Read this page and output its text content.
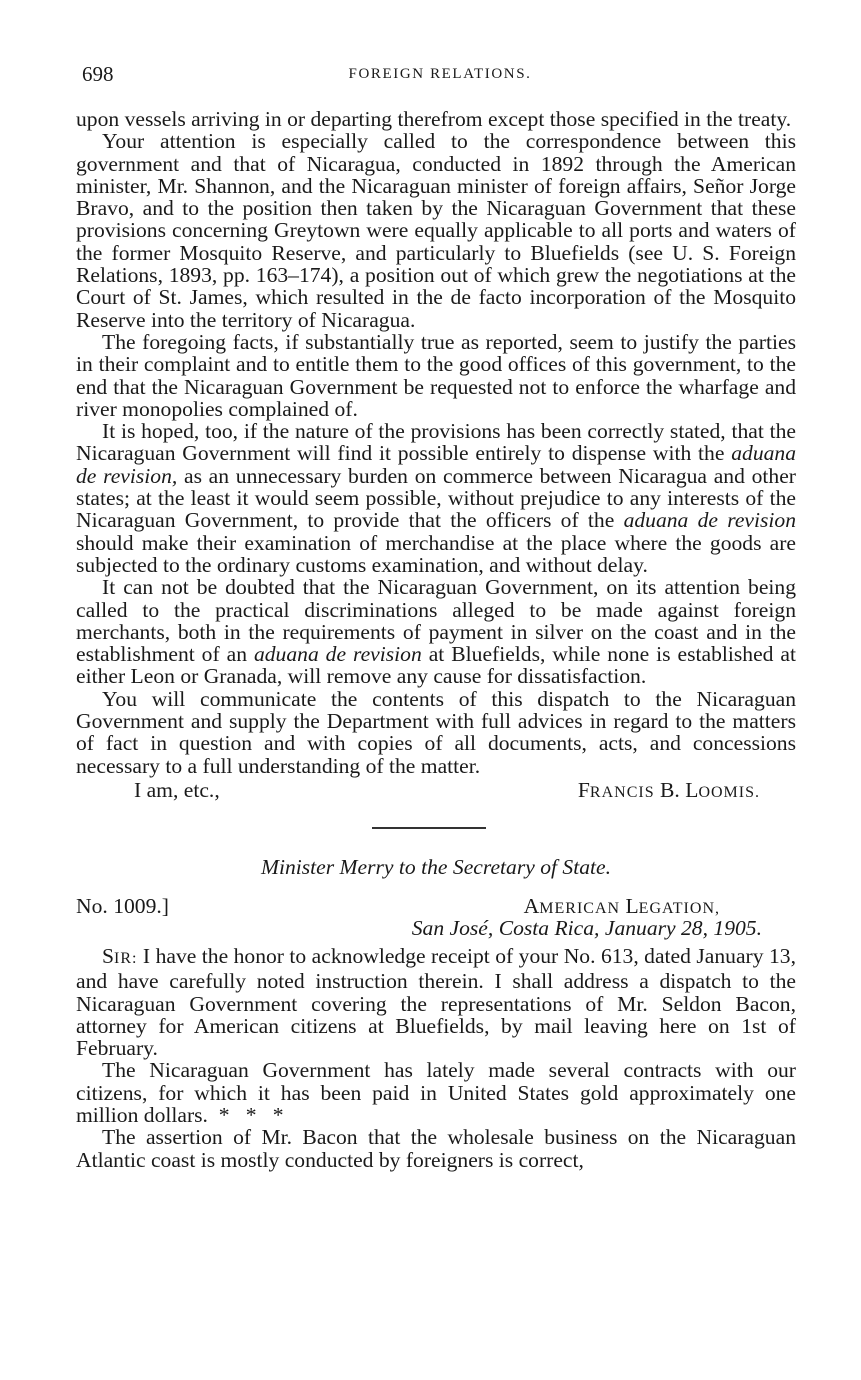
698	FOREIGN RELATIONS.

upon vessels arriving in or departing therefrom except those specified in the treaty.

Your attention is especially called to the correspondence between this government and that of Nicaragua, conducted in 1892 through the American minister, Mr. Shannon, and the Nicaraguan minister of foreign affairs, Señor Jorge Bravo, and to the position then taken by the Nicaraguan Government that these provisions concerning Greytown were equally applicable to all ports and waters of the former Mosquito Reserve, and particularly to Bluefields (see U. S. Foreign Relations, 1893, pp. 163–174), a position out of which grew the negotiations at the Court of St. James, which resulted in the de facto incorporation of the Mosquito Reserve into the territory of Nicaragua.

The foregoing facts, if substantially true as reported, seem to justify the parties in their complaint and to entitle them to the good offices of this government, to the end that the Nicaraguan Government be requested not to enforce the wharfage and river monopolies complained of.

It is hoped, too, if the nature of the provisions has been correctly stated, that the Nicaraguan Government will find it possible entirely to dispense with the aduana de revision, as an unnecessary burden on commerce between Nicaragua and other states; at the least it would seem possible, without prejudice to any interests of the Nicaraguan Government, to provide that the officers of the aduana de revision should make their examination of merchandise at the place where the goods are subjected to the ordinary customs examination, and without delay.

It can not be doubted that the Nicaraguan Government, on its attention being called to the practical discriminations alleged to be made against foreign merchants, both in the requirements of payment in silver on the coast and in the establishment of an aduana de revision at Bluefields, while none is established at either Leon or Granada, will remove any cause for dissatisfaction.

You will communicate the contents of this dispatch to the Nicaraguan Government and supply the Department with full advices in regard to the matters of fact in question and with copies of all documents, acts, and concessions necessary to a full understanding of the matter.

I am, etc.,	FRANCIS B. LOOMIS.
Minister Merry to the Secretary of State.
No. 1009.]	AMERICAN LEGATION,
San José, Costa Rica, January 28, 1905.

SIR: I have the honor to acknowledge receipt of your No. 613, dated January 13, and have carefully noted instruction therein. I shall address a dispatch to the Nicaraguan Government covering the representations of Mr. Seldon Bacon, attorney for American citizens at Bluefields, by mail leaving here on 1st of February.

The Nicaraguan Government has lately made several contracts with our citizens, for which it has been paid in United States gold approximately one million dollars. *   *   *

The assertion of Mr. Bacon that the wholesale business on the Nicaraguan Atlantic coast is mostly conducted by foreigners is correct,
